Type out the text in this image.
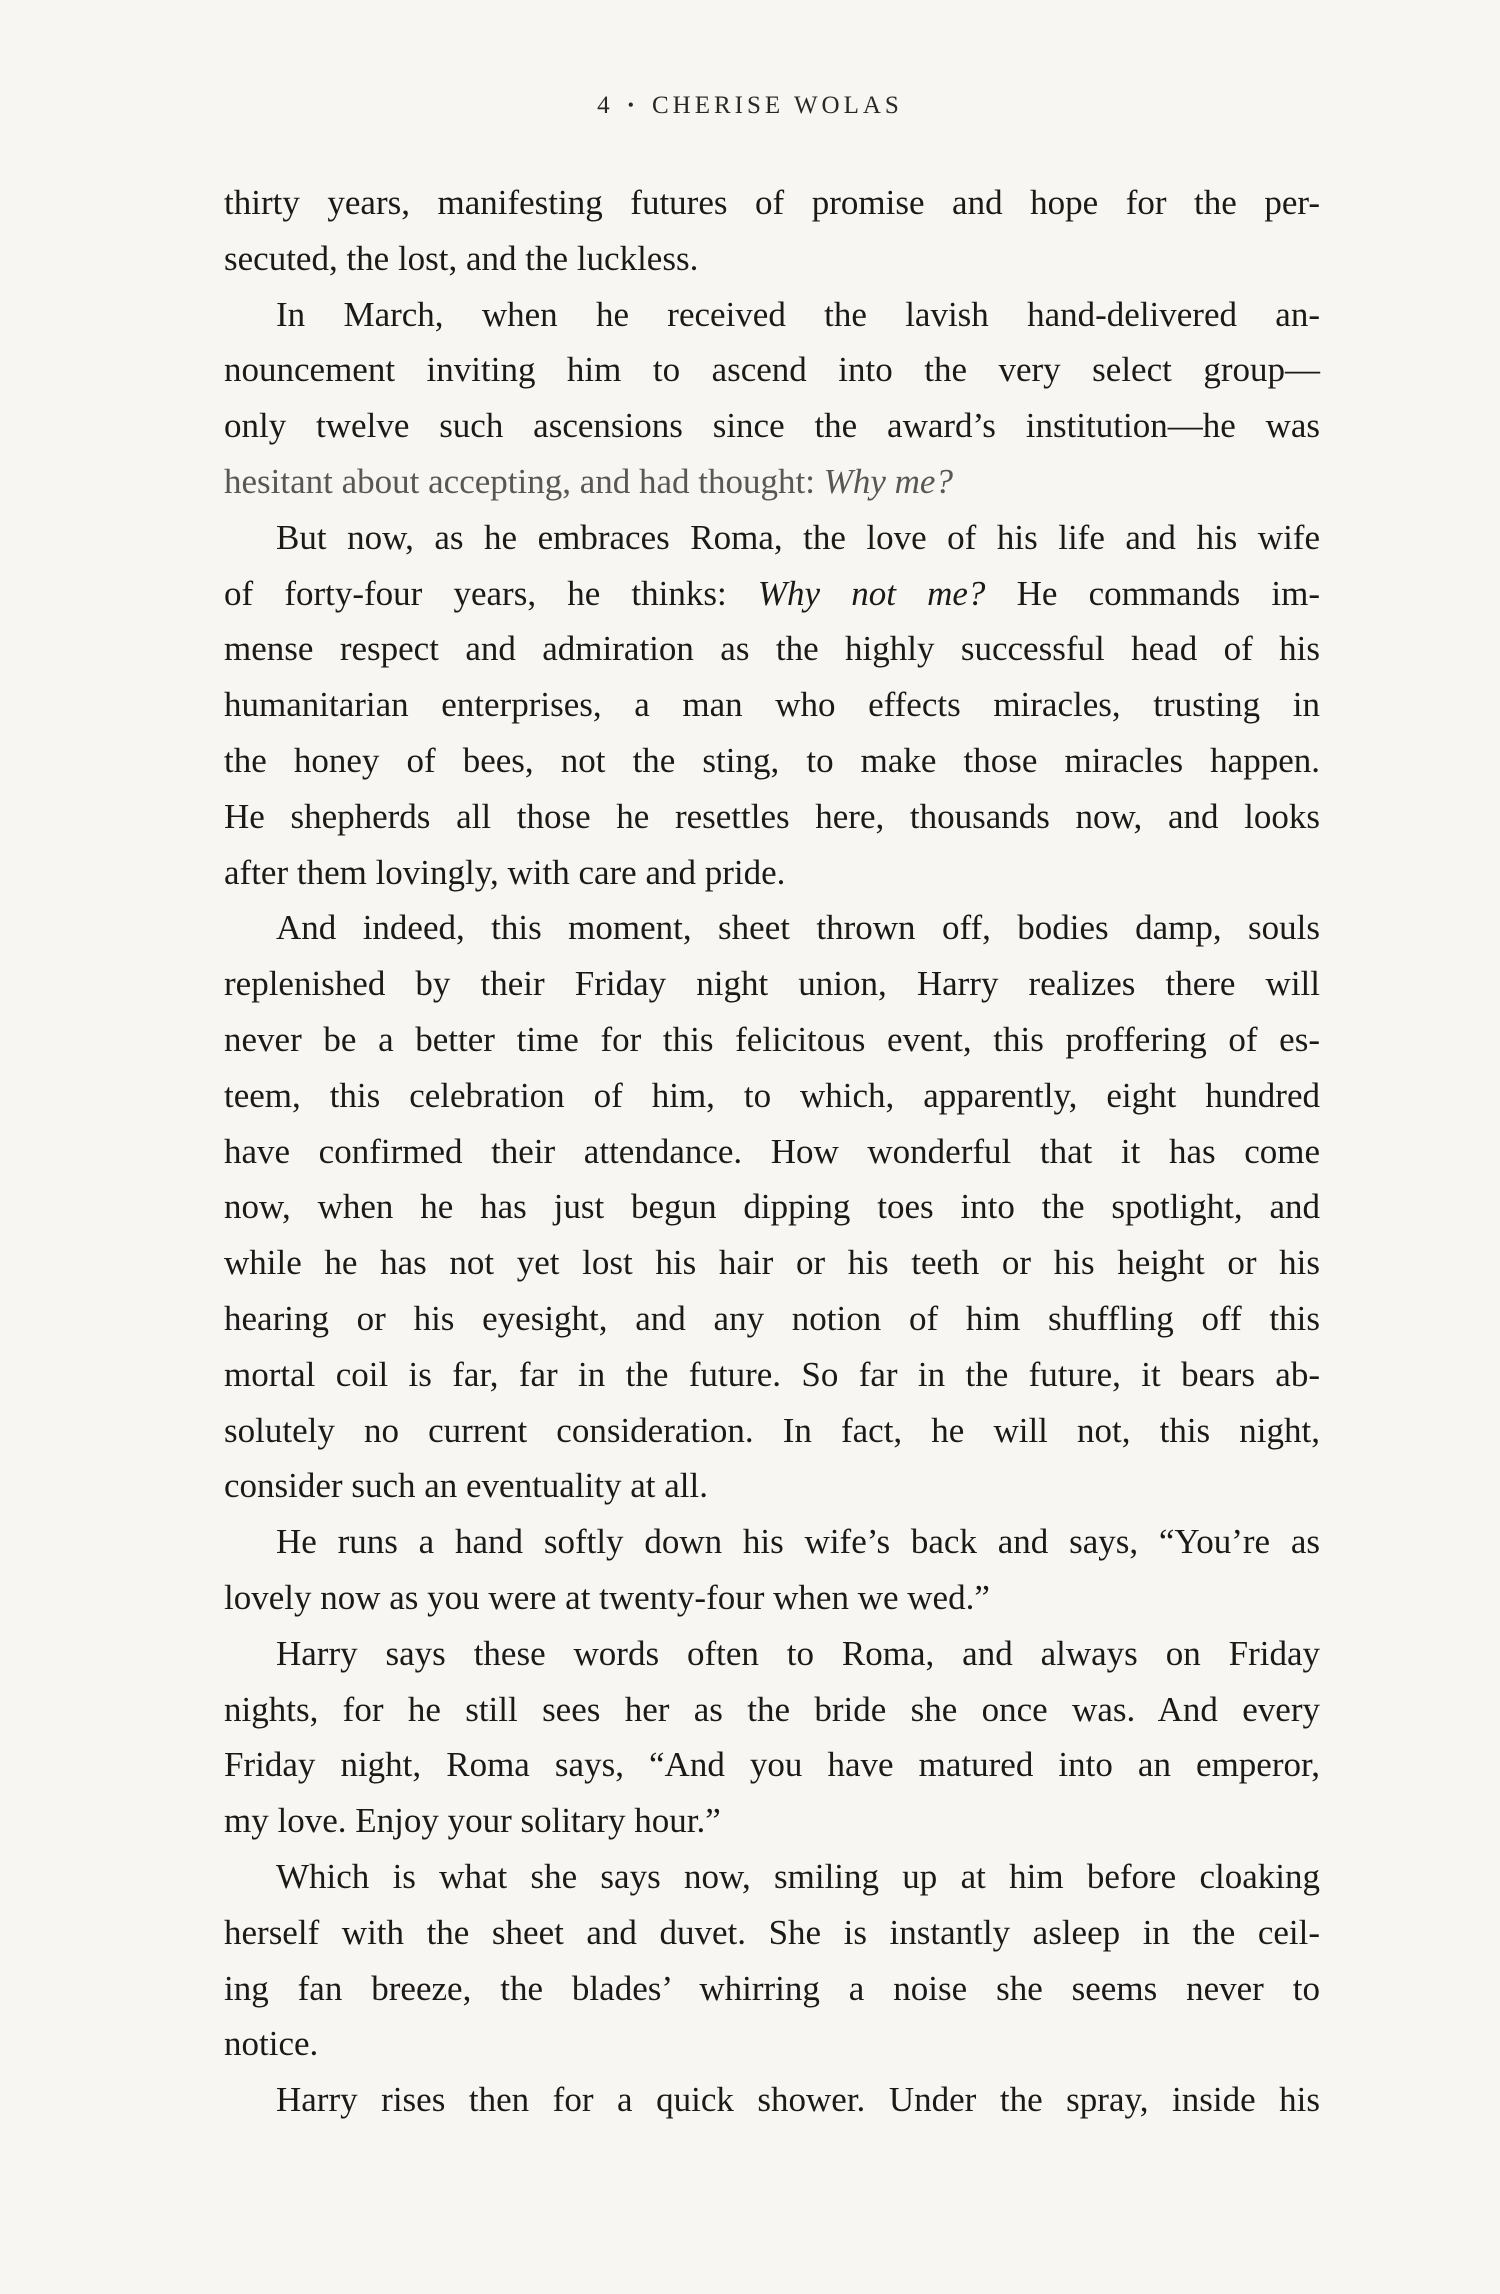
4 • CHERISE WOLAS
thirty years, manifesting futures of promise and hope for the per-
secuted, the lost, and the luckless.
In March, when he received the lavish hand-delivered an-
nouncement inviting him to ascend into the very select group—
only twelve such ascensions since the award’s institution—he was
hesitant about accepting, and had thought: Why me?
But now, as he embraces Roma, the love of his life and his wife
of forty-four years, he thinks: Why not me? He commands im-
mense respect and admiration as the highly successful head of his
humanitarian enterprises, a man who effects miracles, trusting in
the honey of bees, not the sting, to make those miracles happen.
He shepherds all those he resettles here, thousands now, and looks
after them lovingly, with care and pride.
And indeed, this moment, sheet thrown off, bodies damp, souls
replenished by their Friday night union, Harry realizes there will
never be a better time for this felicitous event, this proffering of es-
teem, this celebration of him, to which, apparently, eight hundred
have confirmed their attendance. How wonderful that it has come
now, when he has just begun dipping toes into the spotlight, and
while he has not yet lost his hair or his teeth or his height or his
hearing or his eyesight, and any notion of him shuffling off this
mortal coil is far, far in the future. So far in the future, it bears ab-
solutely no current consideration. In fact, he will not, this night,
consider such an eventuality at all.
He runs a hand softly down his wife’s back and says, “You’re as
lovely now as you were at twenty-four when we wed.”
Harry says these words often to Roma, and always on Friday
nights, for he still sees her as the bride she once was. And every
Friday night, Roma says, “And you have matured into an emperor,
my love. Enjoy your solitary hour.”
Which is what she says now, smiling up at him before cloaking
herself with the sheet and duvet. She is instantly asleep in the ceil-
ing fan breeze, the blades’ whirring a noise she seems never to
notice.
Harry rises then for a quick shower. Under the spray, inside his
